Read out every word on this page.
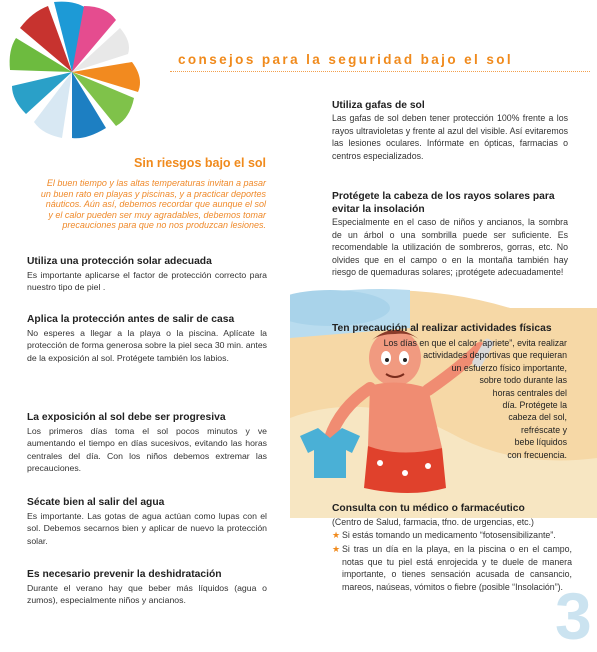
consejos para la seguridad bajo el sol
Sin riesgos bajo el sol
El buen tiempo y las altas temperaturas invitan a pasar un buen rato en playas y piscinas, y a practicar deportes náuticos. Aún así, debemos recordar que aunque el sol y el calor pueden ser muy agradables, debemos tomar precauciones para que no nos produzcan lesiones.
Utiliza una protección solar adecuada

Es importante aplicarse el factor de protección correcto para nuestro tipo de piel .

Aplica la protección antes de salir de casa

No esperes a llegar a la playa o la piscina. Aplícate la protección de forma generosa sobre la piel seca 30 min. antes de la exposición al sol. Protégete también los labios.

La exposición al sol debe ser progresiva

Los primeros días toma el sol pocos minutos y ve aumentando el tiempo en días sucesivos, evitando las horas centrales del día. Con los niños debemos extremar las precauciones.

Sécate bien al salir del agua

Es importante. Las gotas de agua actúan como lupas con el sol. Debemos secarnos bien y aplicar de nuevo la protección solar.

Es necesario prevenir la deshidratación

Durante el verano hay que beber más líquidos (agua o zumos), especialmente niños y ancianos.

Utiliza gafas de sol

Las gafas de sol deben tener protección 100% frente a los rayos ultravioletas y frente al azul del visible. Así evitaremos las lesiones oculares. Infórmate en ópticas, farmacias o centros especializados.

Protégete la cabeza de los rayos solares para evitar la insolación

Especialmente en el caso de niños y ancianos, la sombra de un árbol o una sombrilla puede ser suficiente. Es recomendable la utilización de sombreros, gorras, etc. No olvides que en el campo o en la montaña también hay riesgo de quemaduras solares; ¡protégete adecuadamente!

Ten precaución al realizar actividades físicas
Los días en que el calor “apriete”, evita realizar
actividades deportivas que requieran
un esfuerzo físico importante,
sobre todo durante las
horas centrales del
día. Protégete la
cabeza del sol,
refréscate y
bebe líquidos
con frecuencia.
Consulta con tu médico o farmacéutico

(Centro de Salud, farmacia, tfno. de urgencias, etc.)

★ Si estás tomando un medicamento “fotosensibilizante”.
★ Si tras un día en la playa, en la piscina o en el campo, notas que tu piel está enrojecida y te duele de manera importante, o tienes sensación acusada de cansancio, mareos, naúseas, vómitos o fiebre (posible “Insolación”).
3
